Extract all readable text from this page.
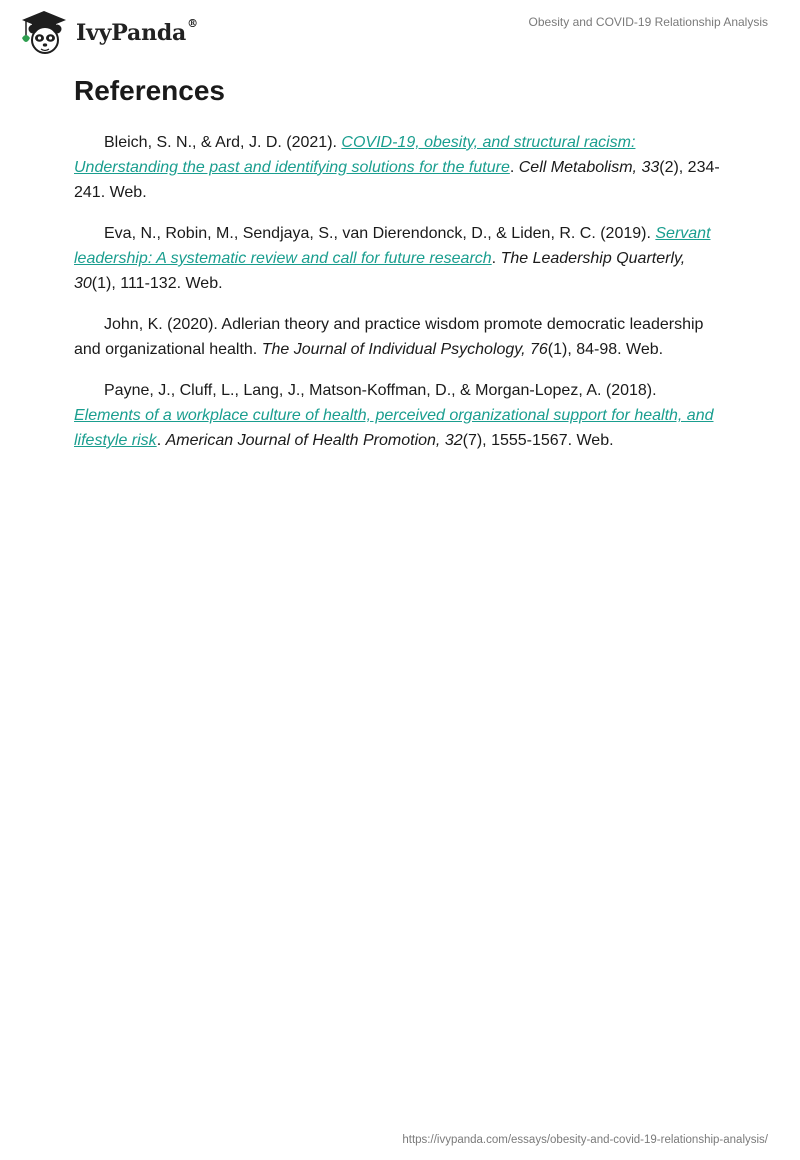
IvyPanda®	Obesity and COVID-19 Relationship Analysis
References

Bleich, S. N., & Ard, J. D. (2021). COVID-19, obesity, and structural racism: Understanding the past and identifying solutions for the future. Cell Metabolism, 33(2), 234-241. Web.

Eva, N., Robin, M., Sendjaya, S., van Dierendonck, D., & Liden, R. C. (2019). Servant leadership: A systematic review and call for future research. The Leadership Quarterly, 30(1), 111-132. Web.

John, K. (2020). Adlerian theory and practice wisdom promote democratic leadership and organizational health. The Journal of Individual Psychology, 76(1), 84-98. Web.

Payne, J., Cluff, L., Lang, J., Matson-Koffman, D., & Morgan-Lopez, A. (2018). Elements of a workplace culture of health, perceived organizational support for health, and lifestyle risk. American Journal of Health Promotion, 32(7), 1555-1567. Web.

https://ivypanda.com/essays/obesity-and-covid-19-relationship-analysis/
